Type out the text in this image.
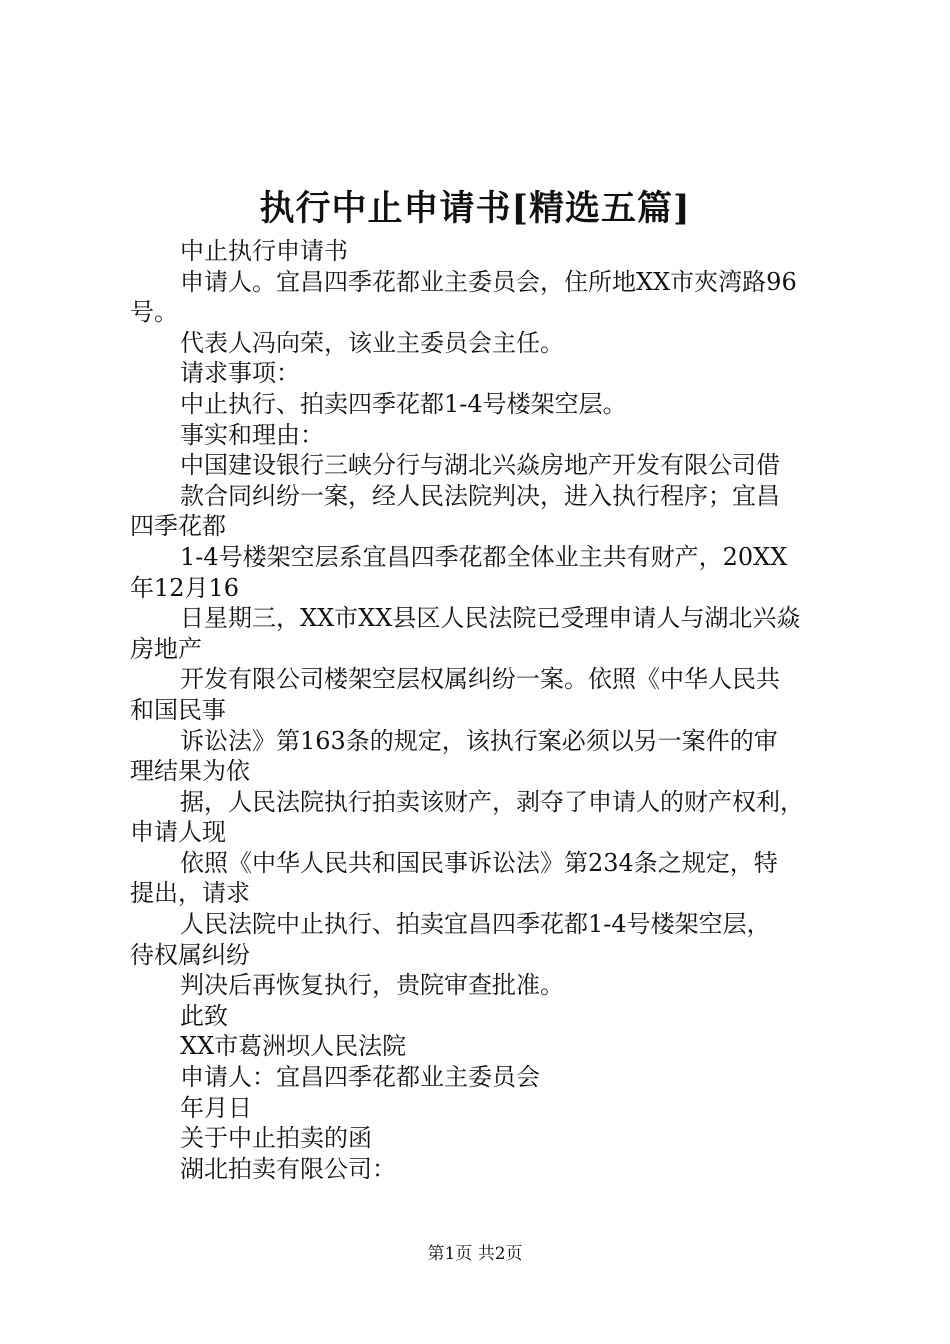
执行中止申请书[精选五篇]
中止执行申请书
申请人。宜昌四季花都业主委员会，住所地XX市夾湾路96
号。
代表人冯向荣，该业主委员会主任。
请求事项：
中止执行、拍卖四季花都1-4号楼架空层。
事实和理由：
中国建设银行三峡分行与湖北兴焱房地产开发有限公司借
款合同纠纷一案，经人民法院判决，进入执行程序；宜昌
四季花都
1-4号楼架空层系宜昌四季花都全体业主共有财产，20XX
年12月16
日星期三，XX市XX县区人民法院已受理申请人与湖北兴焱
房地产
开发有限公司楼架空层权属纠纷一案。依照《中华人民共
和国民事
诉讼法》第163条的规定，该执行案必须以另一案件的审
理结果为依
据，人民法院执行拍卖该财产，剥夺了申请人的财产权利，
申请人现
依照《中华人民共和国民事诉讼法》第234条之规定，特
提出，请求
人民法院中止执行、拍卖宜昌四季花都1-4号楼架空层，
待权属纠纷
判决后再恢复执行，贵院审查批准。
此致
XX市葛洲坝人民法院
申请人：宜昌四季花都业主委员会
年月日
关于中止拍卖的函
湖北拍卖有限公司：
第1页 共2页
